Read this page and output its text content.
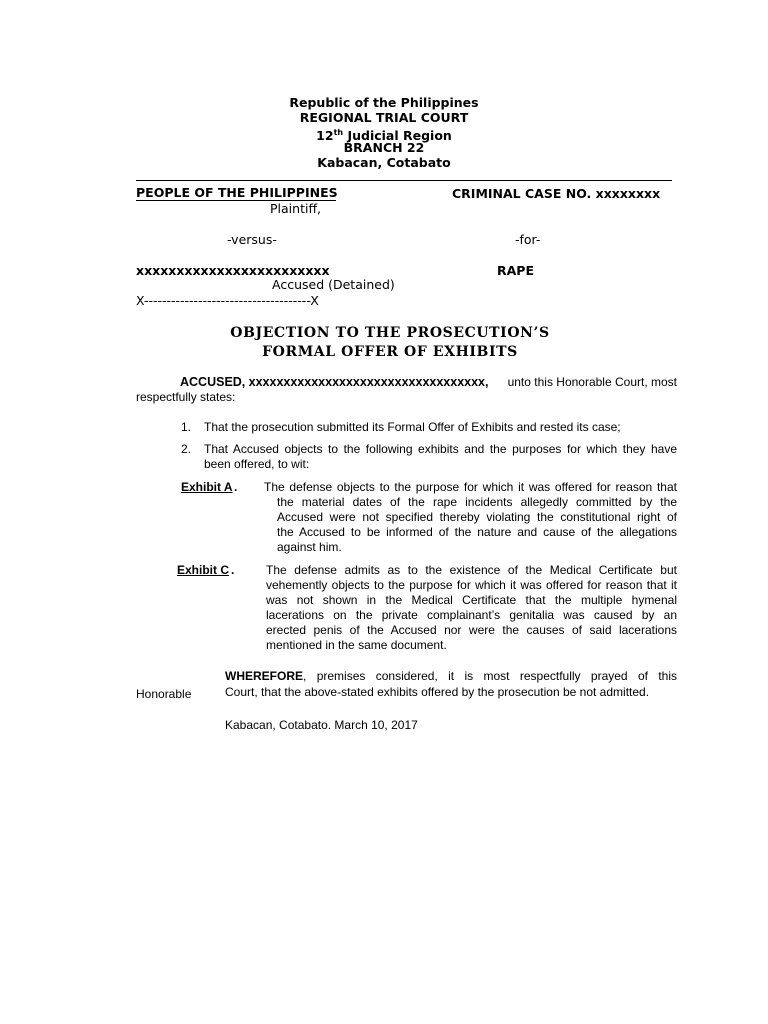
Republic of the Philippines
REGIONAL TRIAL COURT
12th Judicial Region
BRANCH 22
Kabacan, Cotabato
PEOPLE OF THE PHILIPPINES
Plaintiff,
CRIMINAL CASE NO. xxxxxxxx
-versus-	-for-
xxxxxxxxxxxxxxxxxxxxxxxx	RAPE
Accused (Detained)
X-------------------------------------X
OBJECTION TO THE PROSECUTION’S
FORMAL OFFER OF EXHIBITS
ACCUSED, xxxxxxxxxxxxxxxxxxxxxxxxxxxxxxxxxx, unto this Honorable Court, most
respectfully states:
1. That the prosecution submitted its Formal Offer of Exhibits and rested its case;
2. That Accused objects to the following exhibits and the purposes for which they have
been offered, to wit:
Exhibit A . The defense objects to the purpose for which it was offered for reason that
the material dates of the rape incidents allegedly committed by the
Accused were not specified thereby violating the constitutional right of
the Accused to be informed of the nature and cause of the allegations
against him.
Exhibit C .	The defense admits as to the existence of the Medical Certificate but
vehemently objects to the purpose for which it was offered for reason that it
was not shown in the Medical Certificate that the multiple hymenal
lacerations on the private complainant’s genitalia was caused by an
erected penis of the Accused nor were the causes of said lacerations
mentioned in the same document.
WHEREFORE, premises considered, it is most respectfully prayed of this
Honorable	Court, that the above-stated exhibits offered by the prosecution be not admitted.
Kabacan, Cotabato. March 10, 2017
